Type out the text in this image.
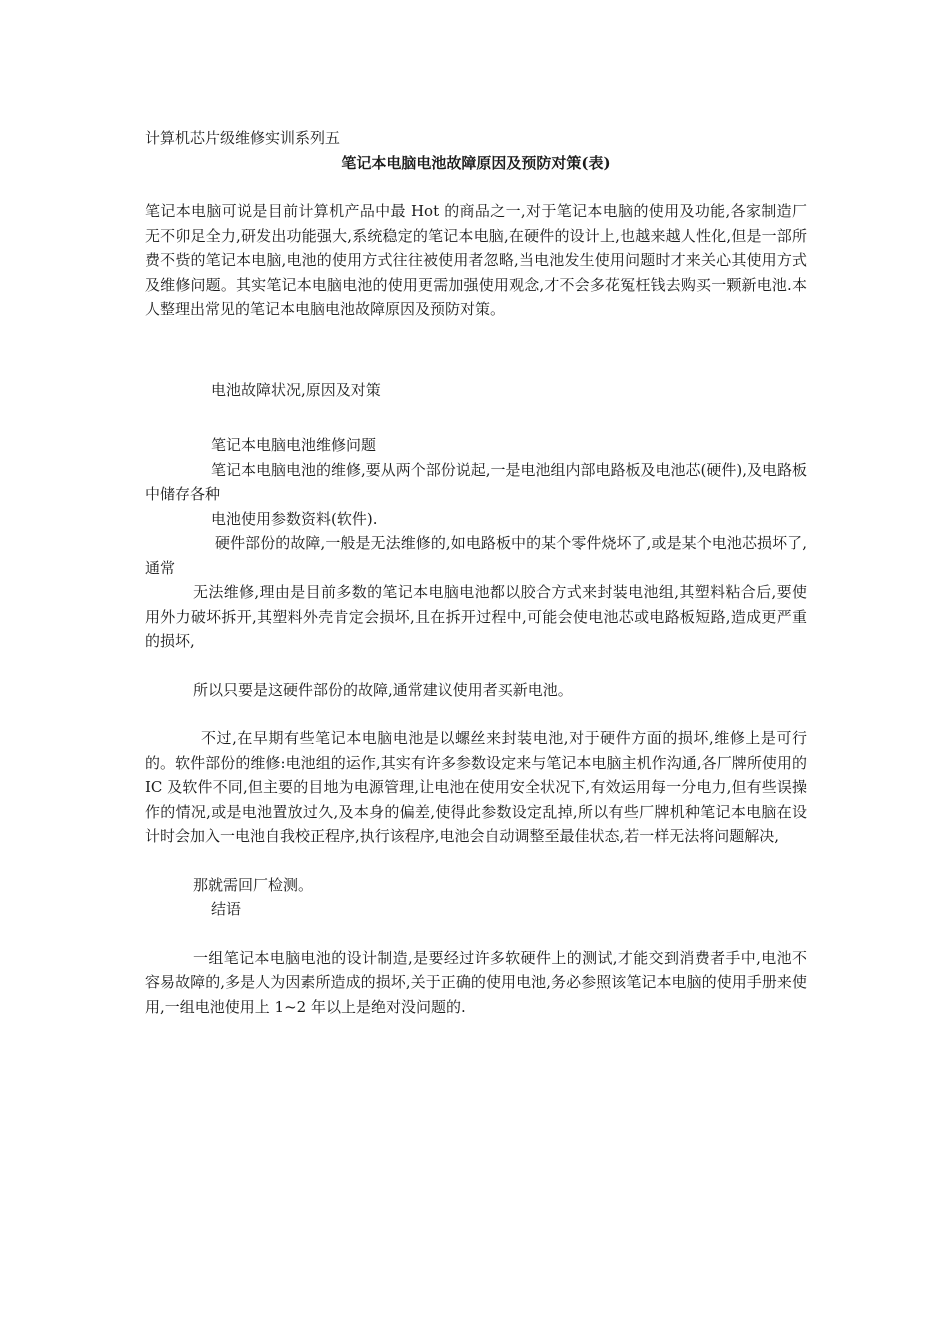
计算机芯片级维修实训系列五

笔记本电脑电池故障原因及预防对策(表)

笔记本电脑可说是目前计算机产品中最 Hot 的商品之一,对于笔记本电脑的使用及功能,各家制造厂无不卯足全力,研发出功能强大,系统稳定的笔记本电脑,在硬件的设计上,也越来越人性化,但是一部所费不赀的笔记本电脑,电池的使用方式往往被使用者忽略,当电池发生使用问题时才来关心其使用方式及维修问题。其实笔记本电脑电池的使用更需加强使用观念,才不会多花冤枉钱去购买一颗新电池.本人整理出常见的笔记本电脑电池故障原因及预防对策。

电池故障状况,原因及对策

笔记本电脑电池维修问题

笔记本电脑电池的维修,要从两个部份说起,一是电池组内部电路板及电池芯(硬件),及电路板中储存各种

电池使用参数资料(软件).

硬件部份的故障,一般是无法维修的,如电路板中的某个零件烧坏了,或是某个电池芯损坏了,通常

无法维修,理由是目前多数的笔记本电脑电池都以胶合方式来封装电池组,其塑料粘合后,要使用外力破坏拆开,其塑料外壳肯定会损坏,且在拆开过程中,可能会使电池芯或电路板短路,造成更严重的损坏,

所以只要是这硬件部份的故障,通常建议使用者买新电池。

不过,在早期有些笔记本电脑电池是以螺丝来封装电池,对于硬件方面的损坏,维修上是可行的。软件部份的维修:电池组的运作,其实有许多参数设定来与笔记本电脑主机作沟通,各厂牌所使用的 IC 及软件不同,但主要的目地为电源管理,让电池在使用安全状况下,有效运用每一分电力,但有些误操作的情况,或是电池置放过久,及本身的偏差,使得此参数设定乱掉,所以有些厂牌机种笔记本电脑在设计时会加入一电池自我校正程序,执行该程序,电池会自动调整至最佳状态,若一样无法将问题解决,

那就需回厂检测。

结语

一组笔记本电脑电池的设计制造,是要经过许多软硬件上的测试,才能交到消费者手中,电池不容易故障的,多是人为因素所造成的损坏,关于正确的使用电池,务必参照该笔记本电脑的使用手册来使用,一组电池使用上 1~2 年以上是绝对没问题的.
